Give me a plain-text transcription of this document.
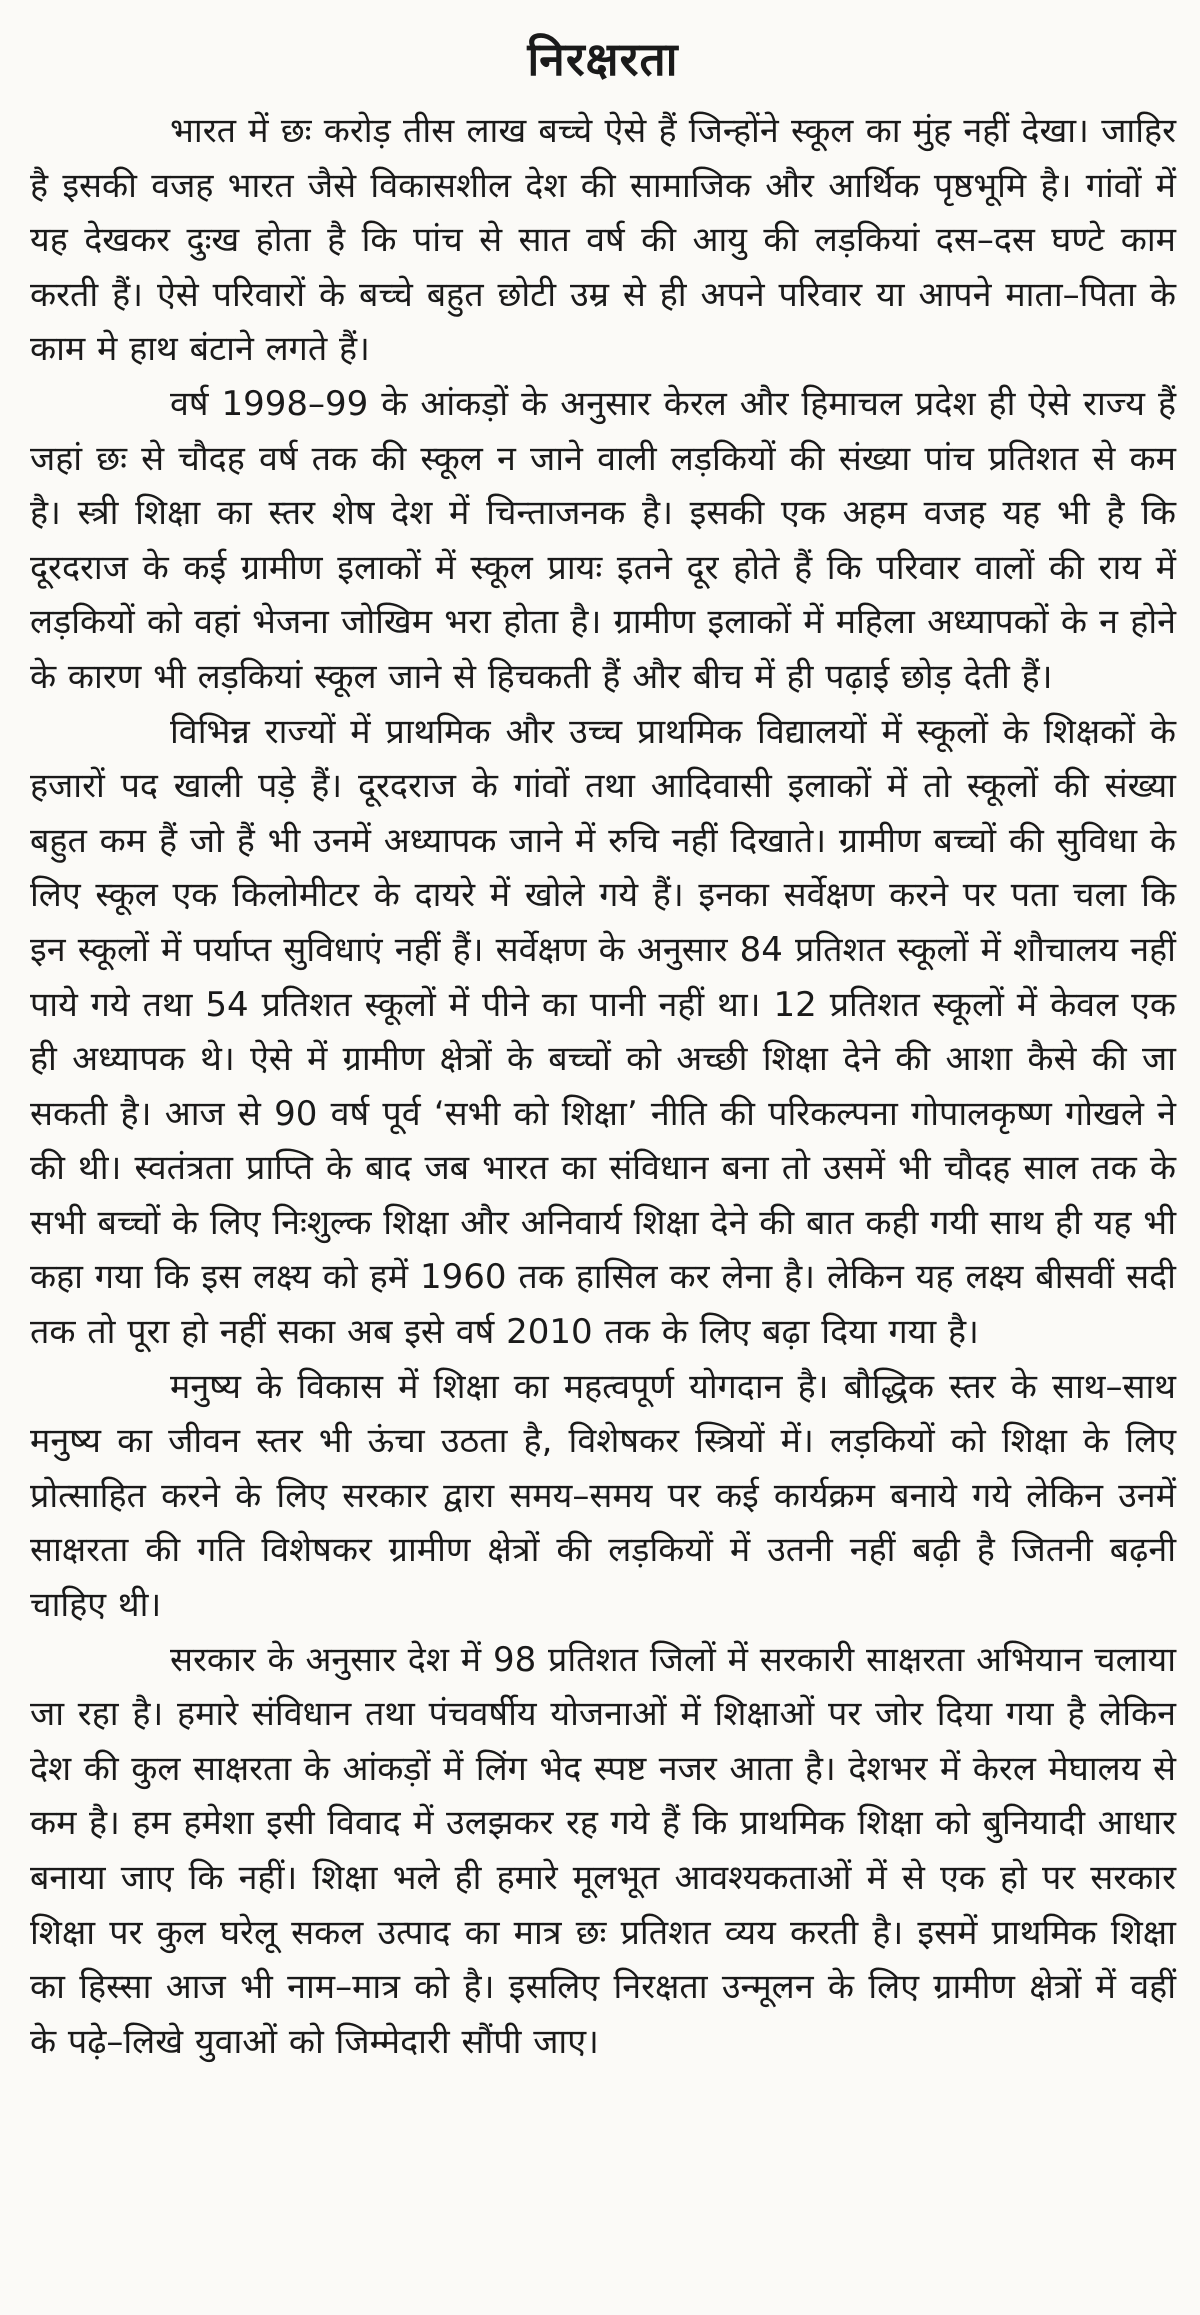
निरक्षरता

भारत में छः करोड़ तीस लाख बच्चे ऐसे हैं जिन्होंने स्कूल का मुंह नहीं देखा। जाहिर है इसकी वजह भारत जैसे विकासशील देश की सामाजिक और आर्थिक पृष्ठभूमि है। गांवों में यह देखकर दुःख होता है कि पांच से सात वर्ष की आयु की लड़कियां दस–दस घण्टे काम करती हैं। ऐसे परिवारों के बच्चे बहुत छोटी उम्र से ही अपने परिवार या आपने माता–पिता के काम मे हाथ बंटाने लगते हैं।

वर्ष 1998–99 के आंकड़ों के अनुसार केरल और हिमाचल प्रदेश ही ऐसे राज्य हैं जहां छः से चौदह वर्ष तक की स्कूल न जाने वाली लड़कियों की संख्या पांच प्रतिशत से कम है। स्त्री शिक्षा का स्तर शेष देश में चिन्ताजनक है। इसकी एक अहम वजह यह भी है कि दूरदराज के कई ग्रामीण इलाकों में स्कूल प्रायः इतने दूर होते हैं कि परिवार वालों की राय में लड़कियों को वहां भेजना जोखिम भरा होता है। ग्रामीण इलाकों में महिला अध्यापकों के न होने के कारण भी लड़कियां स्कूल जाने से हिचकती हैं और बीच में ही पढ़ाई छोड़ देती हैं।

विभिन्न राज्यों में प्राथमिक और उच्च प्राथमिक विद्यालयों में स्कूलों के शिक्षकों के हजारों पद खाली पड़े हैं। दूरदराज के गांवों तथा आदिवासी इलाकों में तो स्कूलों की संख्या बहुत कम हैं जो हैं भी उनमें अध्यापक जाने में रुचि नहीं दिखाते। ग्रामीण बच्चों की सुविधा के लिए स्कूल एक किलोमीटर के दायरे में खोले गये हैं। इनका सर्वेक्षण करने पर पता चला कि इन स्कूलों में पर्याप्त सुविधाएं नहीं हैं। सर्वेक्षण के अनुसार 84 प्रतिशत स्कूलों में शौचालय नहीं पाये गये तथा 54 प्रतिशत स्कूलों में पीने का पानी नहीं था। 12 प्रतिशत स्कूलों में केवल एक ही अध्यापक थे। ऐसे में ग्रामीण क्षेत्रों के बच्चों को अच्छी शिक्षा देने की आशा कैसे की जा सकती है। आज से 90 वर्ष पूर्व ‘सभी को शिक्षा’ नीति की परिकल्पना गोपालकृष्ण गोखले ने की थी। स्वतंत्रता प्राप्ति के बाद जब भारत का संविधान बना तो उसमें भी चौदह साल तक के सभी बच्चों के लिए निःशुल्क शिक्षा और अनिवार्य शिक्षा देने की बात कही गयी साथ ही यह भी कहा गया कि इस लक्ष्य को हमें 1960 तक हासिल कर लेना है। लेकिन यह लक्ष्य बीसवीं सदी तक तो पूरा हो नहीं सका अब इसे वर्ष 2010 तक के लिए बढ़ा दिया गया है।

मनुष्य के विकास में शिक्षा का महत्वपूर्ण योगदान है। बौद्धिक स्तर के साथ–साथ मनुष्य का जीवन स्तर भी ऊंचा उठता है, विशेषकर स्त्रियों में। लड़कियों को शिक्षा के लिए प्रोत्साहित करने के लिए सरकार द्वारा समय–समय पर कई कार्यक्रम बनाये गये लेकिन उनमें साक्षरता की गति विशेषकर ग्रामीण क्षेत्रों की लड़कियों में उतनी नहीं बढ़ी है जितनी बढ़नी चाहिए थी।

सरकार के अनुसार देश में 98 प्रतिशत जिलों में सरकारी साक्षरता अभियान चलाया जा रहा है। हमारे संविधान तथा पंचवर्षीय योजनाओं में शिक्षाओं पर जोर दिया गया है लेकिन देश की कुल साक्षरता के आंकड़ों में लिंग भेद स्पष्ट नजर आता है। देशभर में केरल मेघालय से कम है। हम हमेशा इसी विवाद में उलझकर रह गये हैं कि प्राथमिक शिक्षा को बुनियादी आधार बनाया जाए कि नहीं। शिक्षा भले ही हमारे मूलभूत आवश्यकताओं में से एक हो पर सरकार शिक्षा पर कुल घरेलू सकल उत्पाद का मात्र छः प्रतिशत व्यय करती है। इसमें प्राथमिक शिक्षा का हिस्सा आज भी नाम–मात्र को है। इसलिए निरक्षता उन्मूलन के लिए ग्रामीण क्षेत्रों में वहीं के पढ़े–लिखे युवाओं को जिम्मेदारी सौंपी जाए।
